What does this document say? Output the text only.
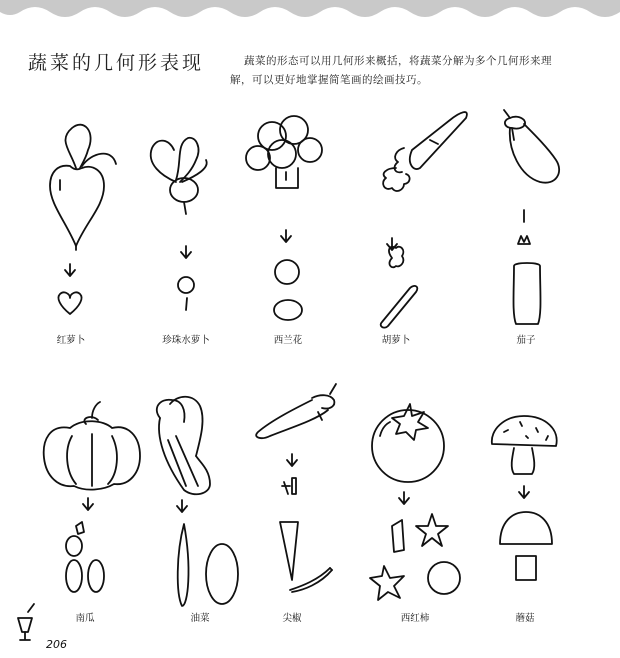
蔬菜的几何形表现	蔬菜的形态可以用几何形来概括，将蔬菜分解为多个几何形来理
解，可以更好地掌握简笔画的绘画技巧。
红萝卜	珍珠水萝卜	西兰花	胡萝卜	茄子
南瓜	油菜	尖椒	西红柿	蘑菇
206
